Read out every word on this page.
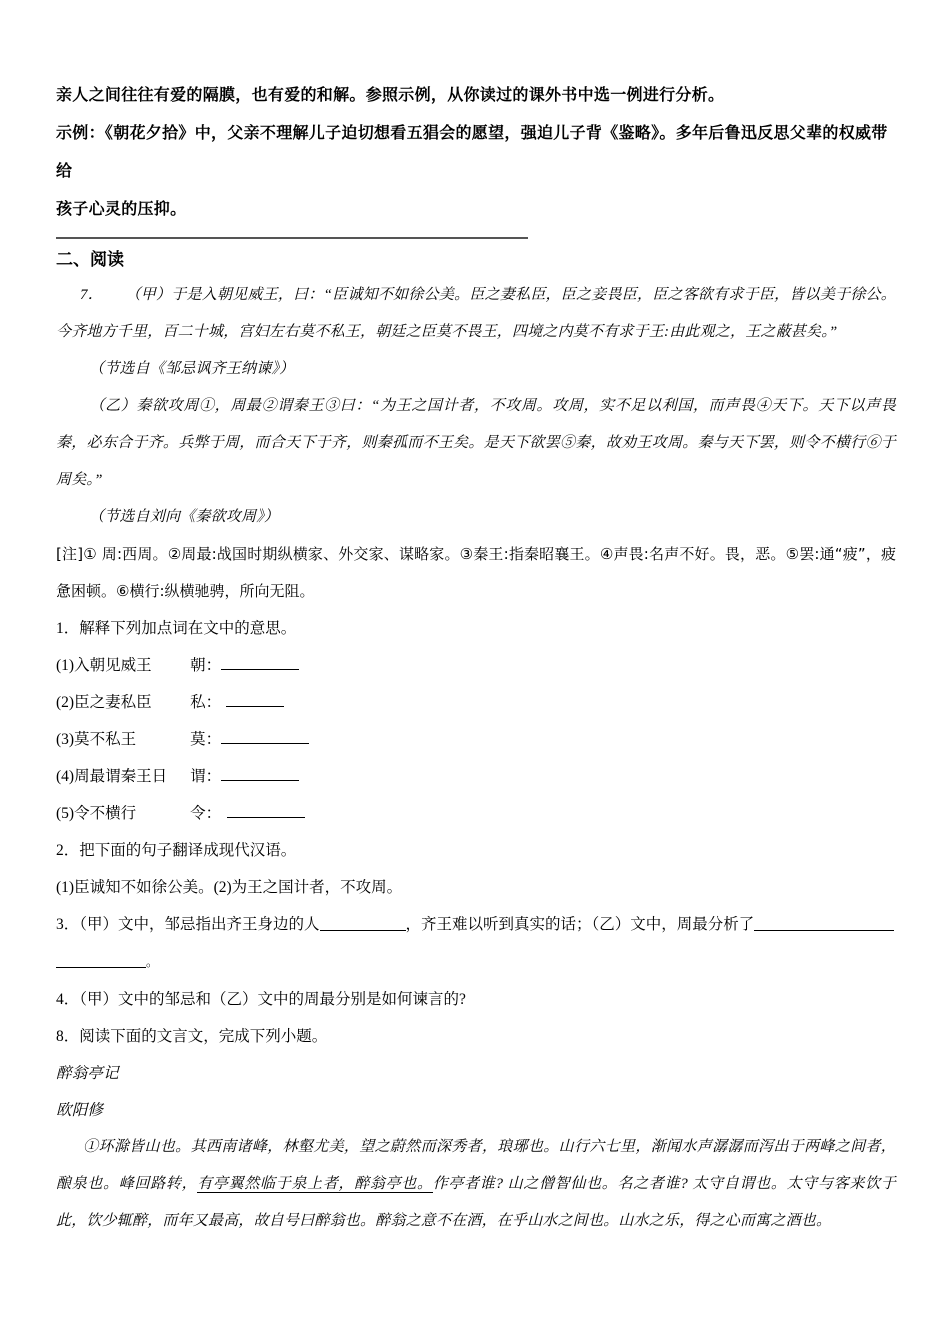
亲人之间往往有爱的隔膜，也有爱的和解。参照示例，从你读过的课外书中选一例进行分析。
示例：《朝花夕拾》中，父亲不理解儿子迫切想看五猖会的愿望，强迫儿子背《鉴略》。多年后鲁迅反思父辈的权威带给
孩子心灵的压抑。
二、阅读
7． （甲）于是入朝见威王，曰：“臣诚知不如徐公美。臣之妻私臣，臣之妾畏臣，臣之客欲有求于臣，皆以美于徐公。今齐地方千里，百二十城，宫妇左右莫不私王，朝廷之臣莫不畏王，四境之内莫不有求于王:由此观之，王之蔽甚矣。”
（节选自《邹忌讽齐王纳谏》）
（乙）秦欲攻周①，周最②谓秦王③曰：“为王之国计者，不攻周。攻周，实不足以利国，而声畏④天下。天下以声畏秦，必东合于齐。兵弊于周，而合天下于齐，则秦孤而不王矣。是天下欲罢⑤秦，故劝王攻周。秦与天下罢，则令不横行⑥于周矣。”
（节选自刘向《秦欲攻周》）
[注]① 周:西周。②周最:战国时期纵横家、外交家、谋略家。③秦王:指秦昭襄王。④声畏:名声不好。畏，恶。⑤罢:通“疲”，疲惫困顿。⑥横行:纵横驰骋，所向无阻。
1．解释下列加点词在文中的意思。
(1) 入朝见威王	朝：
(2) 臣之妻私臣	私：
(3) 莫不私王	莫：
(4) 周最谓秦王日	谓：
(5) 令不横行	令：
2．把下面的句子翻译成现代汉语。
(1)臣诚知不如徐公美。(2)为王之国计者，不攻周。
3．（甲）文中，邹忌指出齐王身边的人	，齐王难以听到真实的话；（乙）文中，周最分析了。
4．（甲）文中的邹忌和（乙）文中的周最分别是如何谏言的?
8．阅读下面的文言文，完成下列小题。
醉翁亭记
欧阳修
①环滁皆山也。其西南诸峰，林壑尤美，望之蔚然而深秀者，琅琊也。山行六七里，渐闻水声潺潺而泻出于两峰之间者，酿泉也。峰回路转，有亭翼然临于泉上者，醉翁亭也。作亭者谁? 山之僧智仙也。名之者谁? 太守自谓也。太守与客来饮于此，饮少辄醉，而年又最高，故自号曰醉翁也。醉翁之意不在酒，在乎山水之间也。山水之乐，得之心而寓之酒也。
